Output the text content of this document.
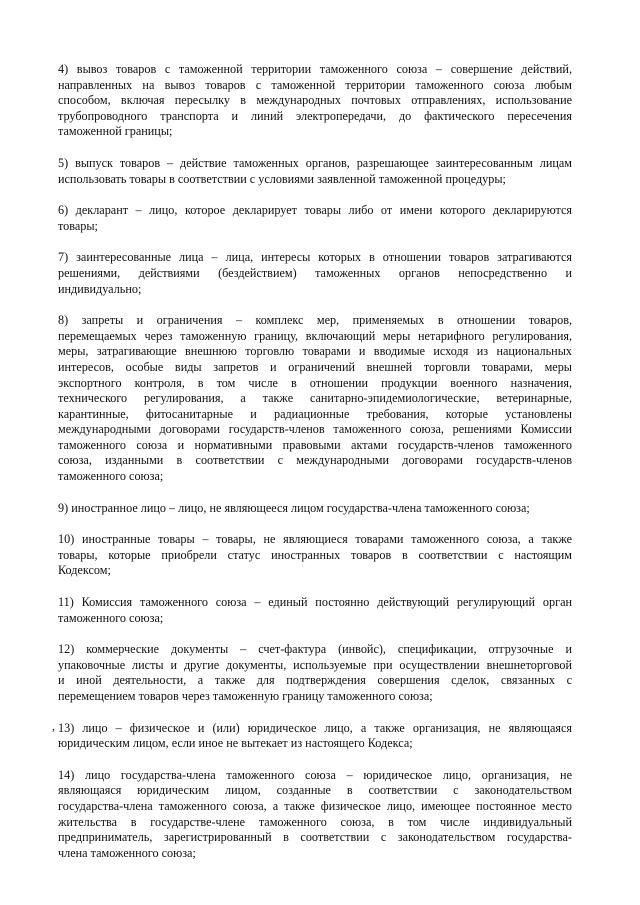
4) вывоз товаров с таможенной территории таможенного союза – совершение действий,
направленных на вывоз товаров с таможенной территории таможенного союза любым
способом, включая пересылку в международных почтовых отправлениях, использование
трубопроводного транспорта и линий электропередачи, до фактического пересечения
таможенной границы;
5) выпуск товаров – действие таможенных органов, разрешающее заинтересованным лицам
использовать товары в соответствии с условиями заявленной таможенной процедуры;
6) декларант – лицо, которое декларирует товары либо от имени которого декларируются
товары;
7) заинтересованные лица – лица, интересы которых в отношении товаров затрагиваются
решениями, действиями (бездействием) таможенных органов непосредственно и
индивидуально;
8) запреты и ограничения – комплекс мер, применяемых в отношении товаров,
перемещаемых через таможенную границу, включающий меры нетарифного регулирования,
меры, затрагивающие внешнюю торговлю товарами и вводимые исходя из национальных
интересов, особые виды запретов и ограничений внешней торговли товарами, меры
экспортного контроля, в том числе в отношении продукции военного назначения,
технического регулирования, а также санитарно-эпидемиологические, ветеринарные,
карантинные, фитосанитарные и радиационные требования, которые установлены
международными договорами государств-членов таможенного союза, решениями Комиссии
таможенного союза и нормативными правовыми актами государств-членов таможенного
союза, изданными в соответствии с международными договорами государств-членов
таможенного союза;
9) иностранное лицо – лицо, не являющееся лицом государства-члена таможенного союза;
10) иностранные товары – товары, не являющиеся товарами таможенного союза, а также
товары, которые приобрели статус иностранных товаров в соответствии с настоящим
Кодексом;
11) Комиссия таможенного союза – единый постоянно действующий регулирующий орган
таможенного союза;
12) коммерческие документы – счет-фактура (инвойс), спецификации, отгрузочные и
упаковочные листы и другие документы, используемые при осуществлении внешнеторговой
и иной деятельности, а также для подтверждения совершения сделок, связанных с
перемещением товаров через таможенную границу таможенного союза;
13) лицо – физическое и (или) юридическое лицо, а также организация, не являющаяся
юридическим лицом, если иное не вытекает из настоящего Кодекса;
14) лицо государства-члена таможенного союза – юридическое лицо, организация, не
являющаяся юридическим лицом, созданные в соответствии с законодательством
государства-члена таможенного союза, а также физическое лицо, имеющее постоянное место
жительства в государстве-члене таможенного союза, в том числе индивидуальный
предприниматель, зарегистрированный в соответствии с законодательством государства-
члена таможенного союза;
,
